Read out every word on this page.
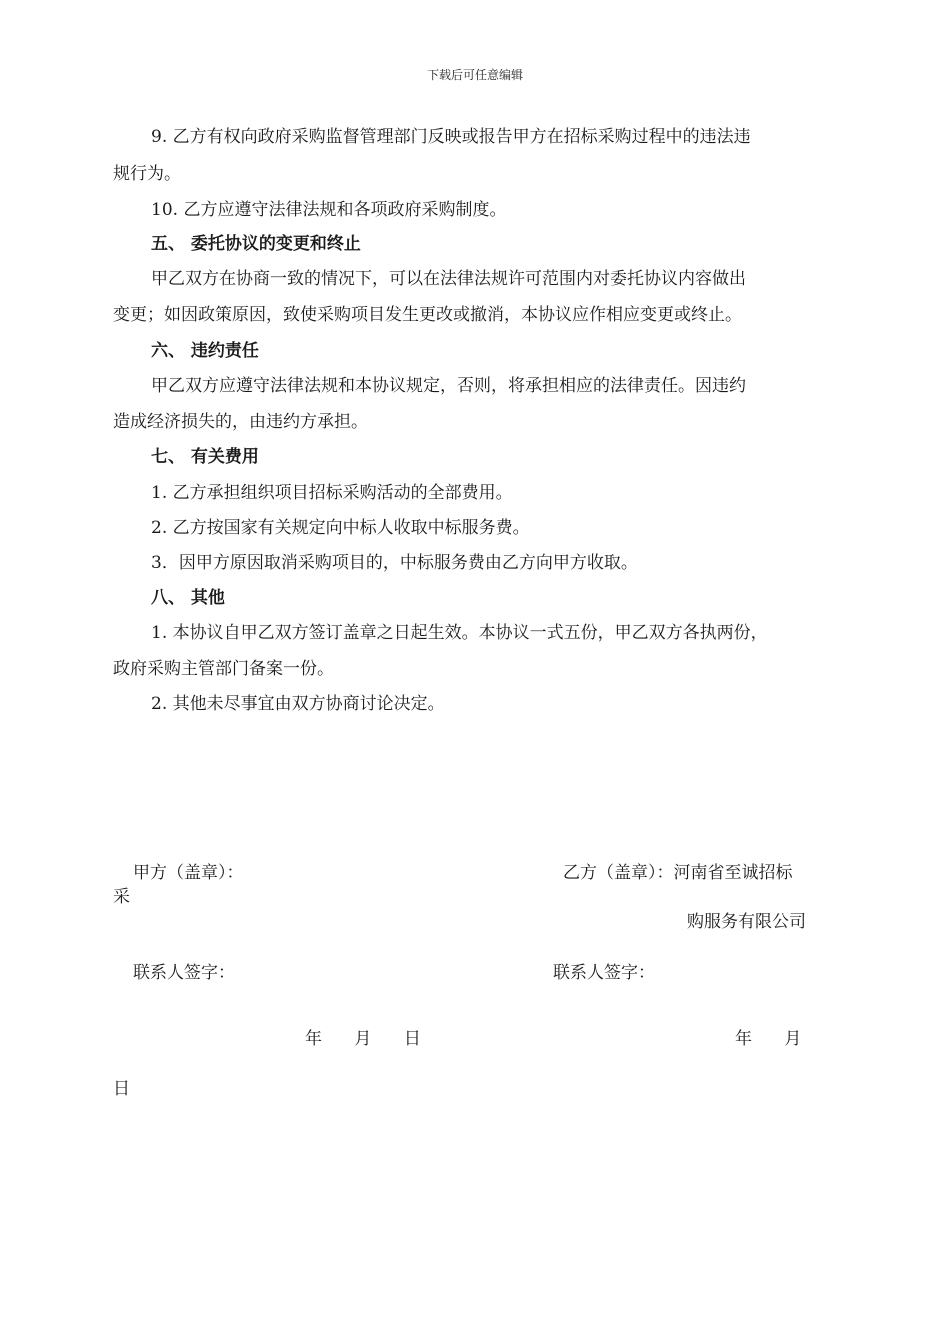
下载后可任意编辑
9. 乙方有权向政府采购监督管理部门反映或报告甲方在招标采购过程中的违法违
规行为。
10. 乙方应遵守法律法规和各项政府采购制度。
五、 委托协议的变更和终止
甲乙双方在协商一致的情况下，可以在法律法规许可范围内对委托协议内容做出
变更；如因政策原因，致使采购项目发生更改或撤消，本协议应作相应变更或终止。
六、 违约责任
甲乙双方应遵守法律法规和本协议规定，否则，将承担相应的法律责任。因违约
造成经济损失的，由违约方承担。
七、 有关费用
1. 乙方承担组织项目招标采购活动的全部费用。
2. 乙方按国家有关规定向中标人收取中标服务费。
3．因甲方原因取消采购项目的，中标服务费由乙方向甲方收取。
八、 其他
1. 本协议自甲乙双方签订盖章之日起生效。本协议一式五份，甲乙双方各执两份，
政府采购主管部门备案一份。
2. 其他未尽事宜由双方协商讨论决定。
甲方（盖章）：	乙方（盖章）：河南省至诚招标
采
购服务有限公司
联系人签字：	联系人签字：
年      月      日	年      月
日
